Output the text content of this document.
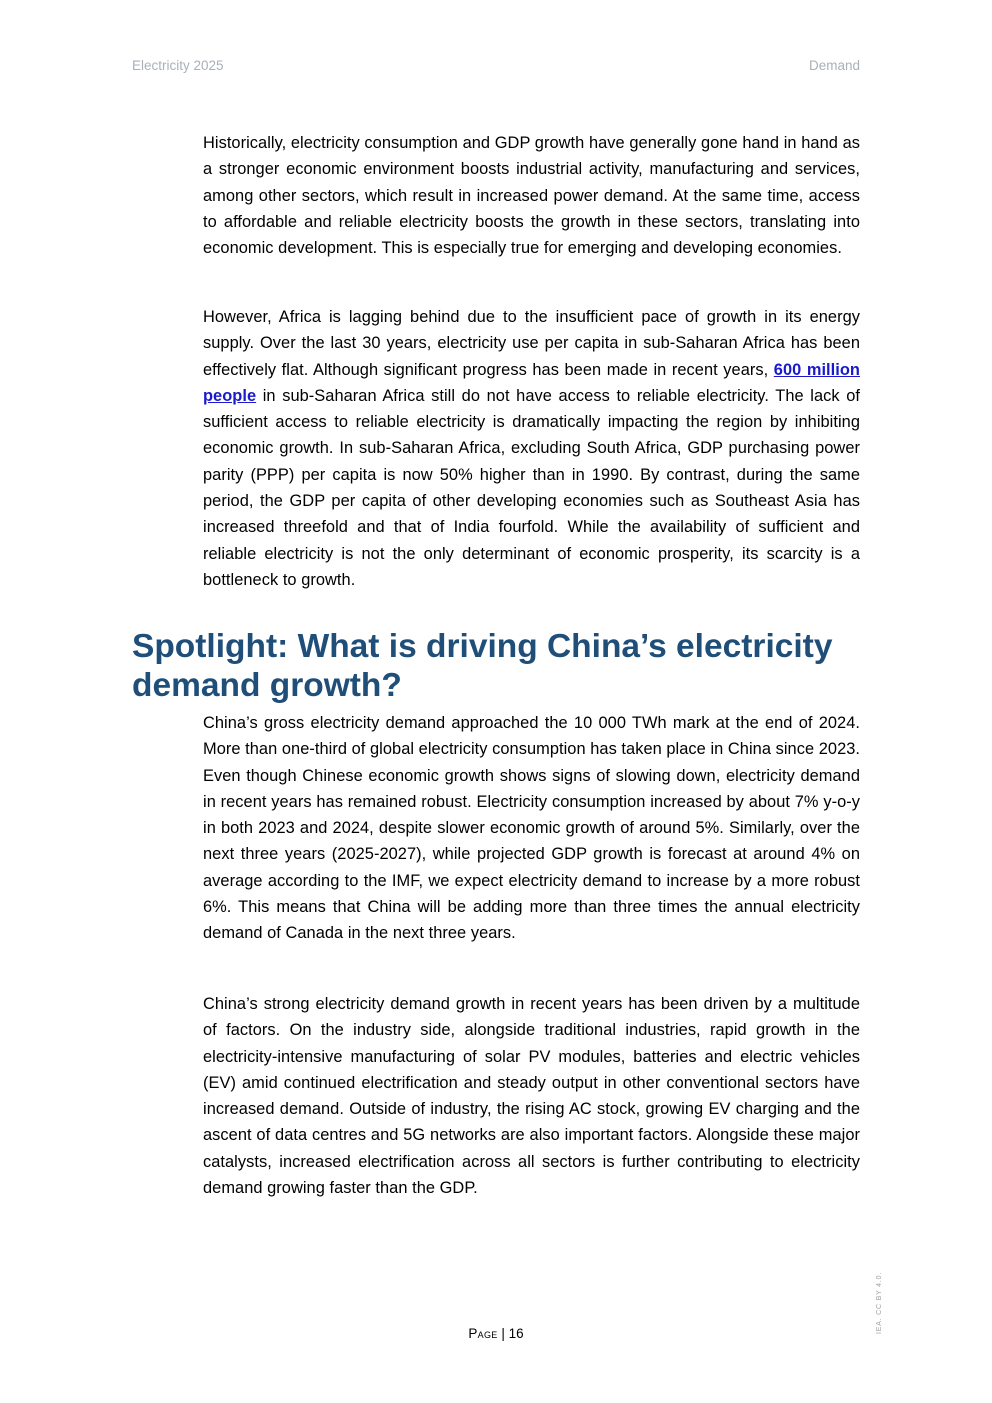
Electricity 2025	Demand

Historically, electricity consumption and GDP growth have generally gone hand in hand as a stronger economic environment boosts industrial activity, manufacturing and services, among other sectors, which result in increased power demand. At the same time, access to affordable and reliable electricity boosts the growth in these sectors, translating into economic development. This is especially true for emerging and developing economies.

However, Africa is lagging behind due to the insufficient pace of growth in its energy supply. Over the last 30 years, electricity use per capita in sub-Saharan Africa has been effectively flat. Although significant progress has been made in recent years, 600 million people in sub-Saharan Africa still do not have access to reliable electricity. The lack of sufficient access to reliable electricity is dramatically impacting the region by inhibiting economic growth. In sub-Saharan Africa, excluding South Africa, GDP purchasing power parity (PPP) per capita is now 50% higher than in 1990. By contrast, during the same period, the GDP per capita of other developing economies such as Southeast Asia has increased threefold and that of India fourfold. While the availability of sufficient and reliable electricity is not the only determinant of economic prosperity, its scarcity is a bottleneck to growth.

Spotlight: What is driving China’s electricity demand growth?

China’s gross electricity demand approached the 10 000 TWh mark at the end of 2024. More than one-third of global electricity consumption has taken place in China since 2023. Even though Chinese economic growth shows signs of slowing down, electricity demand in recent years has remained robust. Electricity consumption increased by about 7% y-o-y in both 2023 and 2024, despite slower economic growth of around 5%. Similarly, over the next three years (2025-2027), while projected GDP growth is forecast at around 4% on average according to the IMF, we expect electricity demand to increase by a more robust 6%. This means that China will be adding more than three times the annual electricity demand of Canada in the next three years.

China’s strong electricity demand growth in recent years has been driven by a multitude of factors. On the industry side, alongside traditional industries, rapid growth in the electricity-intensive manufacturing of solar PV modules, batteries and electric vehicles (EV) amid continued electrification and steady output in other conventional sectors have increased demand. Outside of industry, the rising AC stock, growing EV charging and the ascent of data centres and 5G networks are also important factors. Alongside these major catalysts, increased electrification across all sectors is further contributing to electricity demand growing faster than the GDP.

Page | 16	IEA. CC BY 4.0.
